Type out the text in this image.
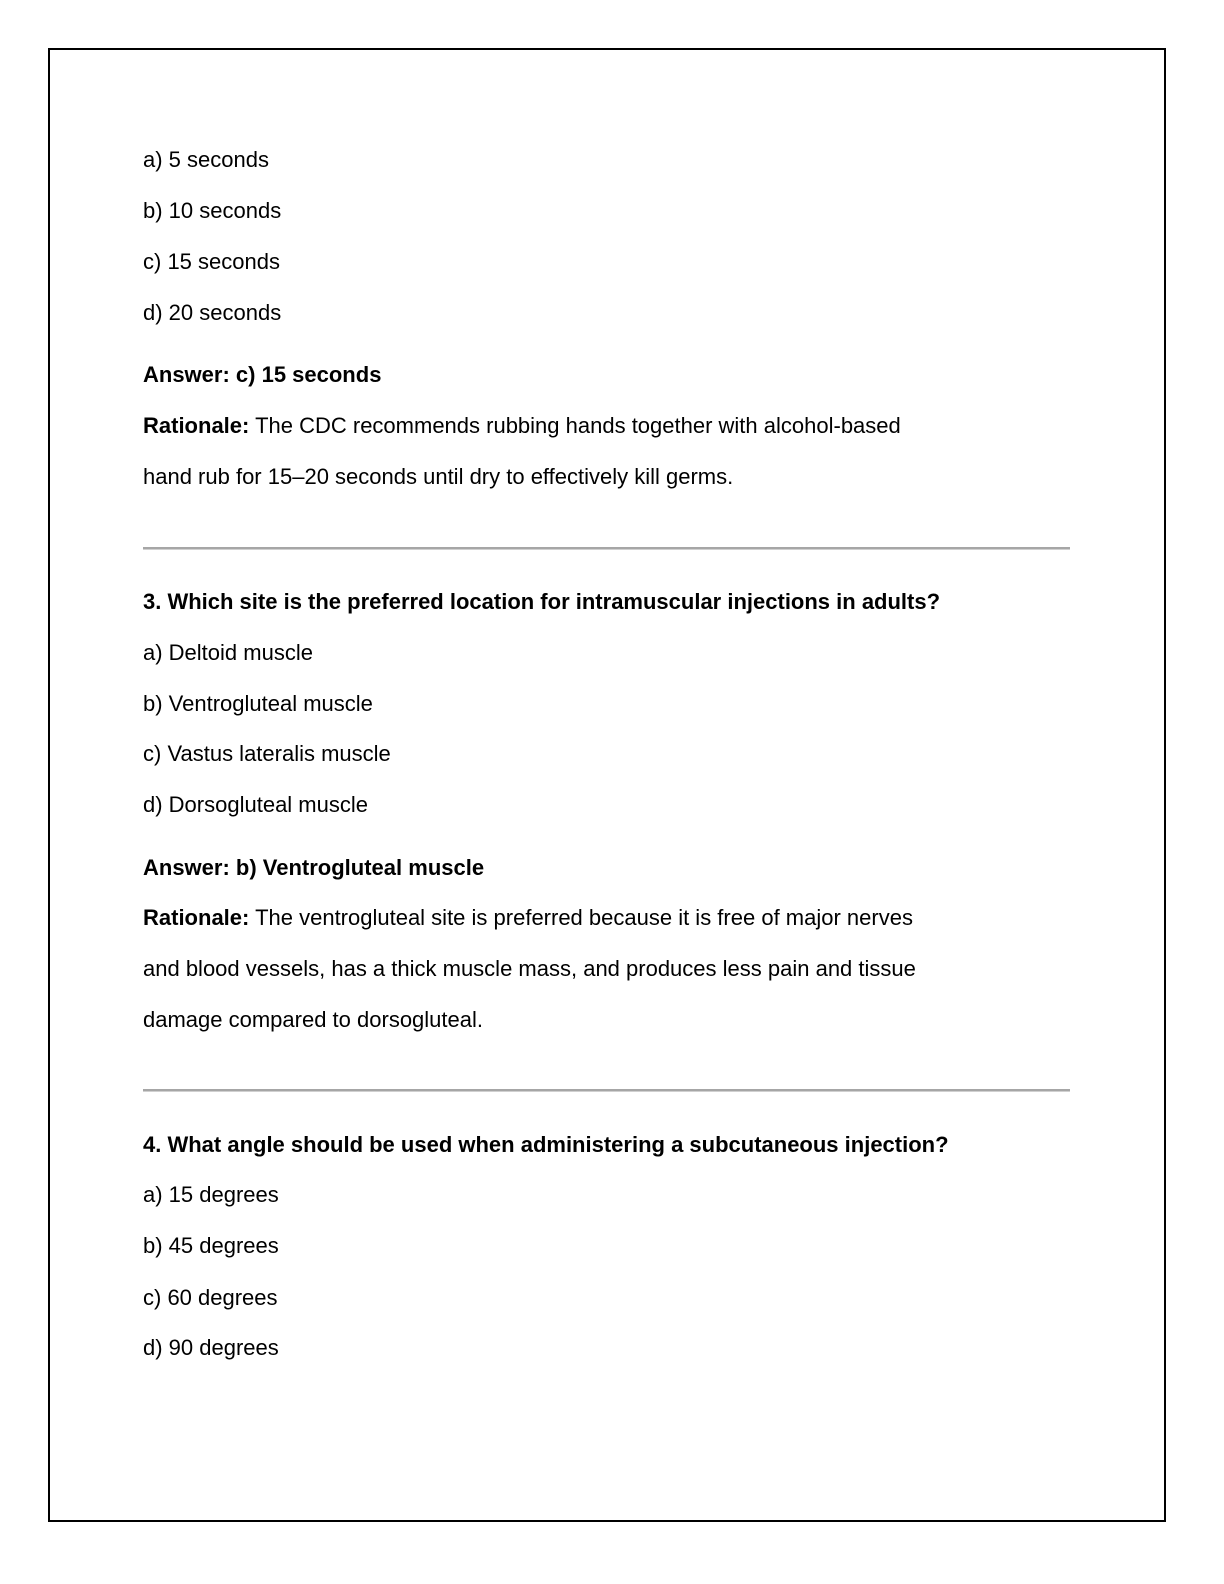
a) 5 seconds
b) 10 seconds
c) 15 seconds
d) 20 seconds
Answer: c) 15 seconds
Rationale: The CDC recommends rubbing hands together with alcohol-based
hand rub for 15–20 seconds until dry to effectively kill germs.
3. Which site is the preferred location for intramuscular injections in adults?
a) Deltoid muscle
b) Ventrogluteal muscle
c) Vastus lateralis muscle
d) Dorsogluteal muscle
Answer: b) Ventrogluteal muscle
Rationale: The ventrogluteal site is preferred because it is free of major nerves
and blood vessels, has a thick muscle mass, and produces less pain and tissue
damage compared to dorsogluteal.
4. What angle should be used when administering a subcutaneous injection?
a) 15 degrees
b) 45 degrees
c) 60 degrees
d) 90 degrees
